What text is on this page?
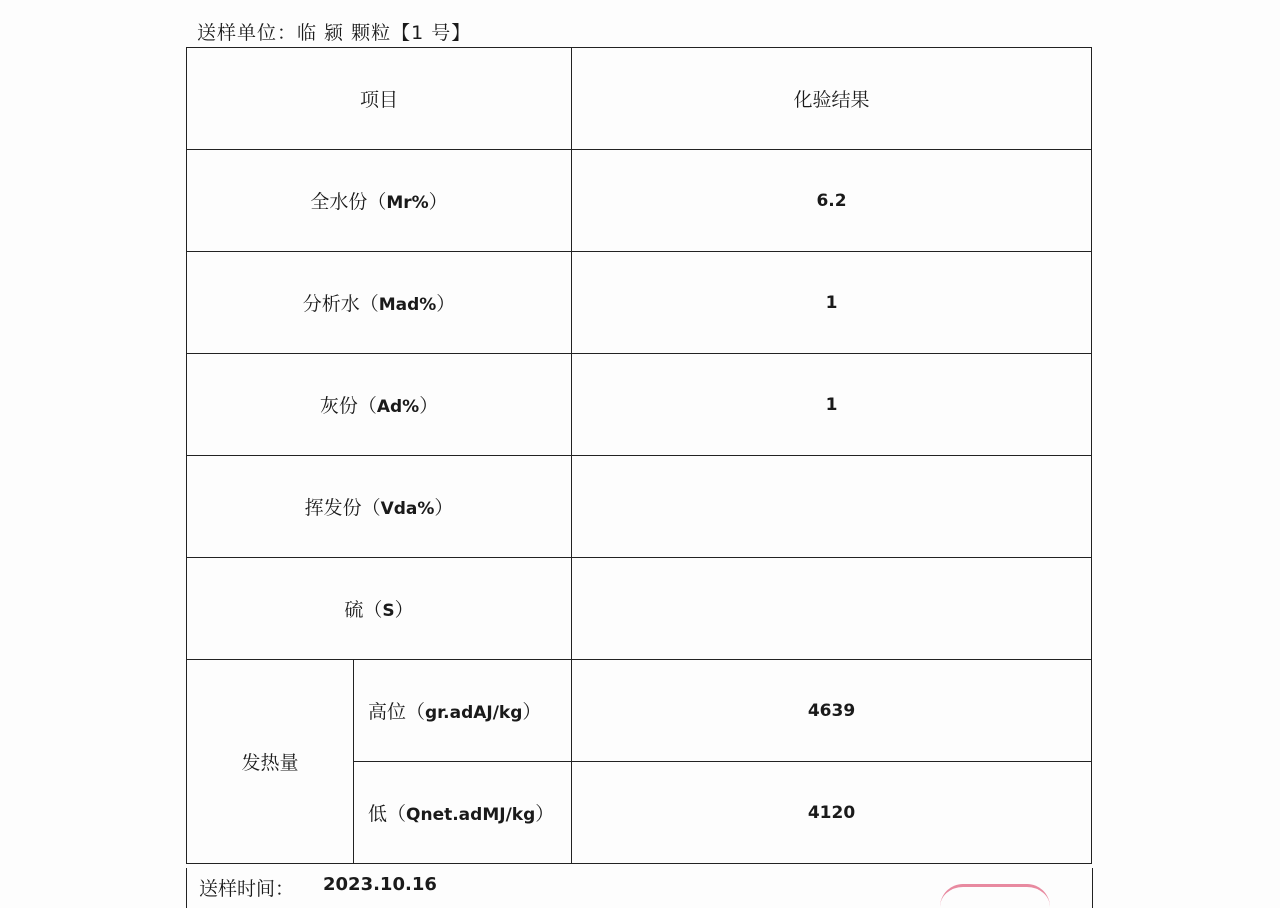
送样单位：临 颍 颗粒【1 号】
项目		化验结果
全水份（Mr%）		6.2
分析水（Mad%）		1
灰份（Ad%）		1
挥发份（Vda%）		
硫（S）		
发热量	高位（gr.adAJ/kg）	4639
	低（Qnet.adMJ/kg）	4120
送样时间： 2023.10.16
